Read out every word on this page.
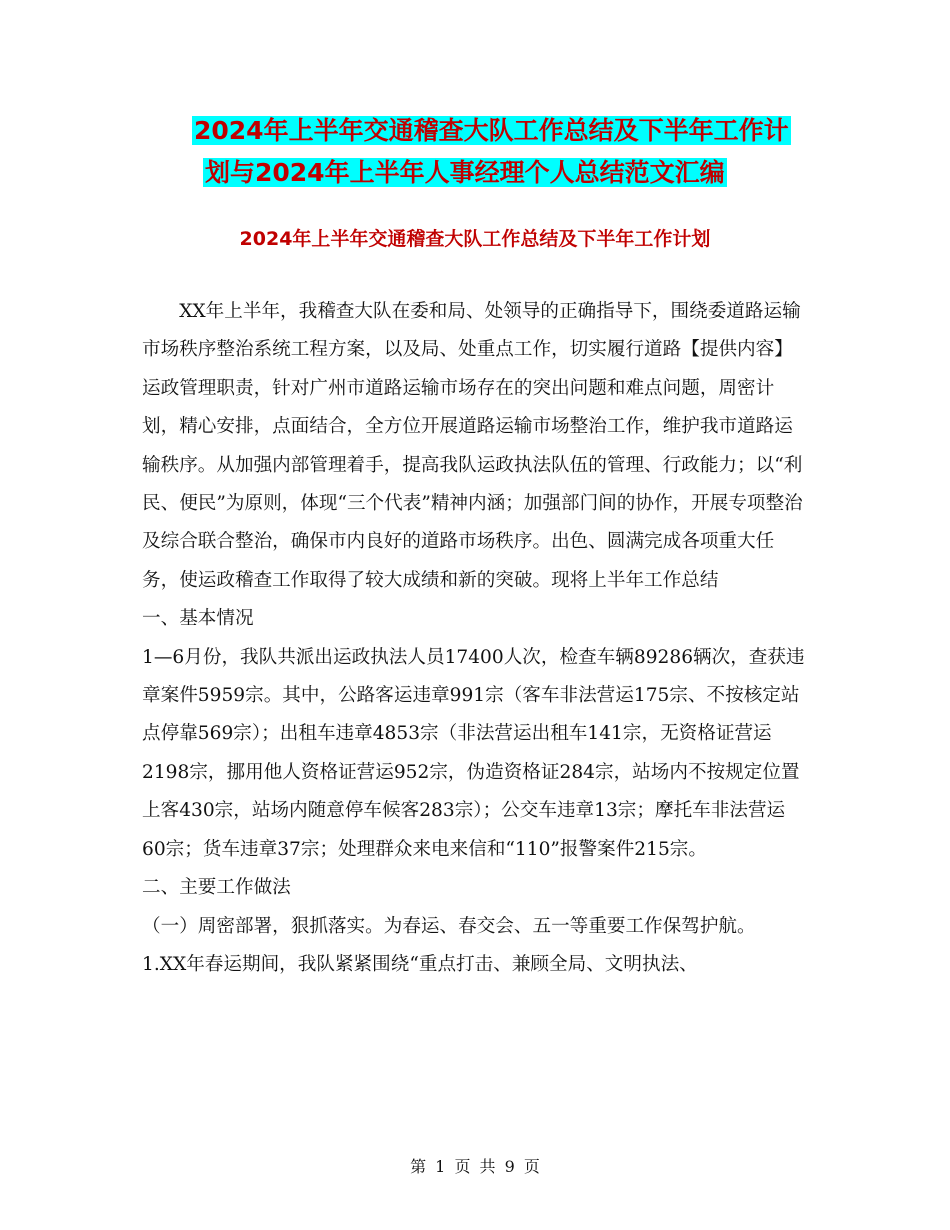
2024年上半年交通稽查大队工作总结及下半年工作计
划与2024年上半年人事经理个人总结范文汇编
2024年上半年交通稽查大队工作总结及下半年工作计划

XX年上半年，我稽查大队在委和局、处领导的正确指导下，围绕委道路运输市场秩序整治系统工程方案，以及局、处重点工作，切实履行道路【提供内容】 运政管理职责，针对广州市道路运输市场存在的突出问题和难点问题，周密计划，精心安排，点面结合，全方位开展道路运输市场整治工作，维护我市道路运输秩序。从加强内部管理着手，提高我队运政执法队伍的管理、行政能力；以“利民、便民”为原则，体现“三个代表”精神内涵；加强部门间的协作，开展专项整治及综合联合整治，确保市内良好的道路市场秩序。出色、圆满完成各项重大任务，使运政稽查工作取得了较大成绩和新的突破。现将上半年工作总结

一、基本情况

1—6月份，我队共派出运政执法人员17400人次，检查车辆89286辆次，查获违章案件5959宗。其中，公路客运违章991宗（客车非法营运175宗、不按核定站点停靠569宗）；出租车违章4853宗（非法营运出租车141宗，无资格证营运2198宗，挪用他人资格证营运952宗，伪造资格证284宗，站场内不按规定位置上客430宗，站场内随意停车候客283宗）；公交车违章13宗；摩托车非法营运60宗；货车违章37宗；处理群众来电来信和“110”报警案件215宗。

二、主要工作做法

（一）周密部署，狠抓落实。为春运、春交会、五一等重要工作保驾护航。

1.XX年春运期间，我队紧紧围绕“重点打击、兼顾全局、文明执法、

第 1 页 共 9 页
